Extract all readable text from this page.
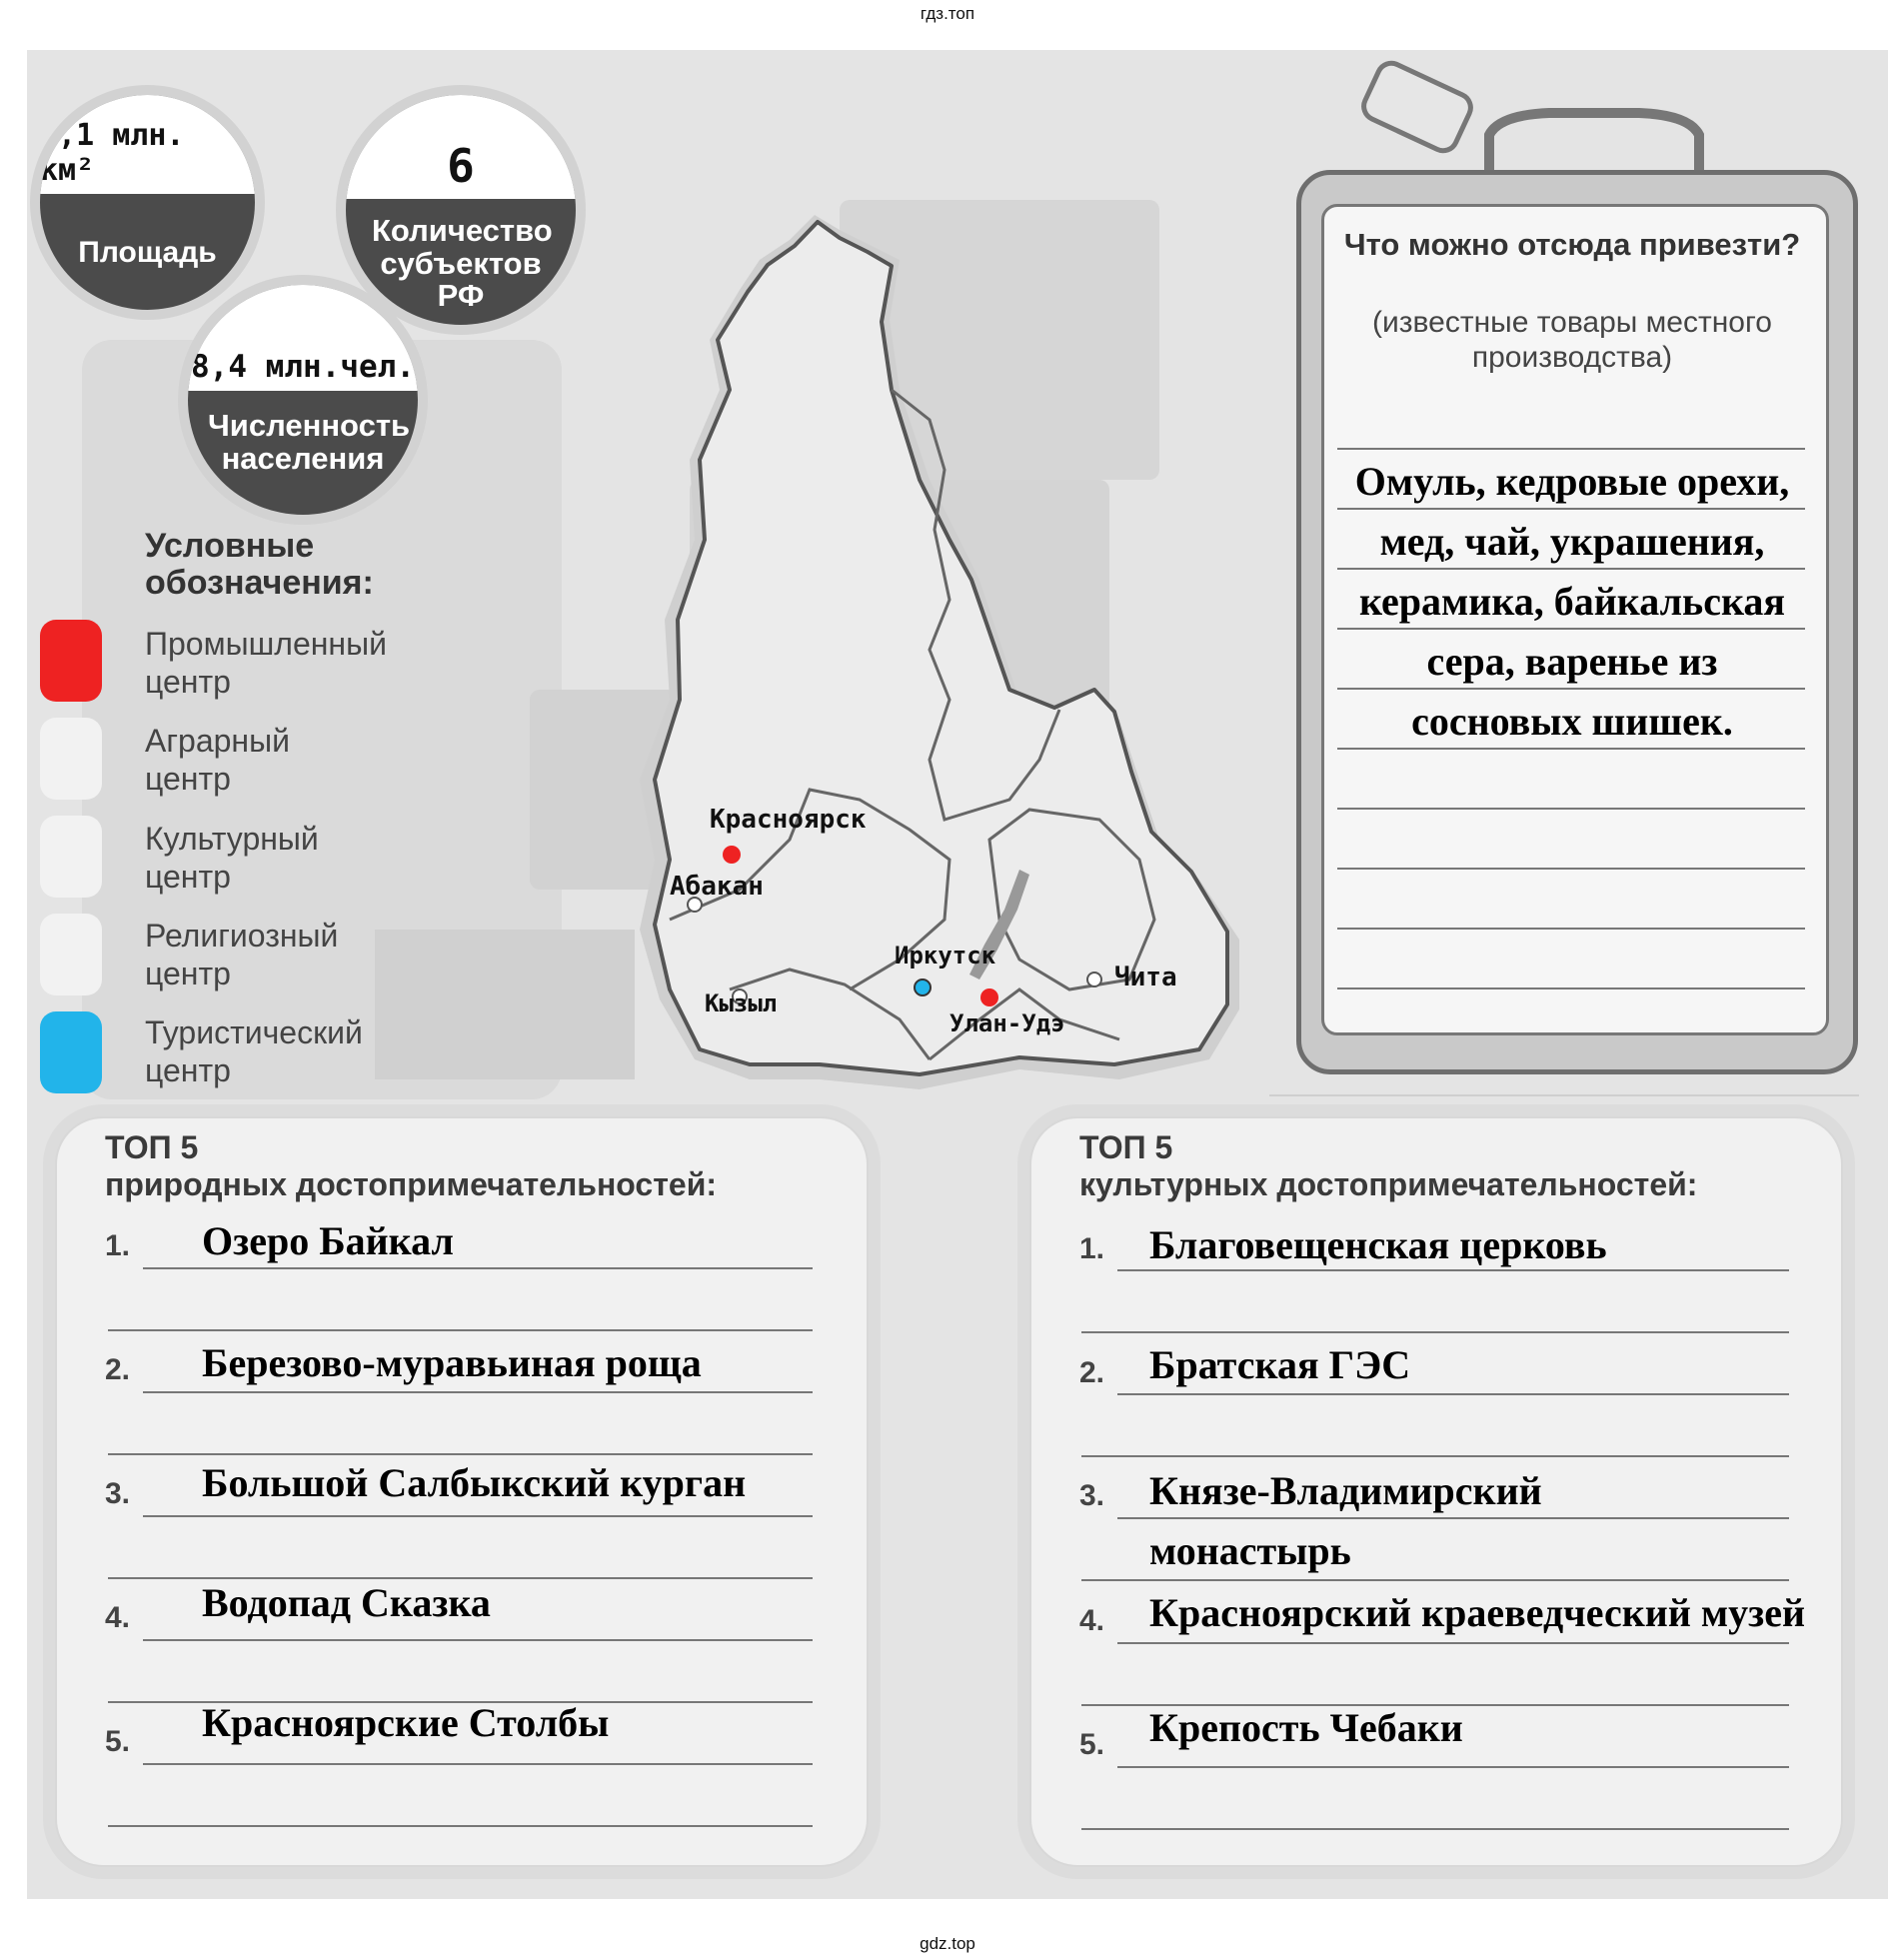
гдз.топ
gdz.top
4,1 млн. км²
Площадь
6
Количество субъектов РФ
8,4 млн.чел.
Численность населения
Условные обозначения:
Промышленный центр
Аграрный центр
Культурный центр
Религиозный центр
Туристический центр
Красноярск
Абакан
Иркутск
Кызыл
Улан-Удэ
Чита
Что можно отсюда привезти?
(известные товары местного производства)
Омуль, кедровые орехи, мед, чай, украшения, керамика, байкальская сера, варенье из сосновых шишек.
ТОП 5
природных достопримечательностей:
1. Озеро Байкал
2. Березово-муравьиная роща
3. Большой Салбыкский курган
4. Водопад Сказка
5. Красноярские Столбы
ТОП 5
культурных достопримечательностей:
1. Благовещенская церковь
2. Братская ГЭС
3. Князе-Владимирский монастырь
4. Красноярский краеведческий музей
5. Крепость Чебаки
